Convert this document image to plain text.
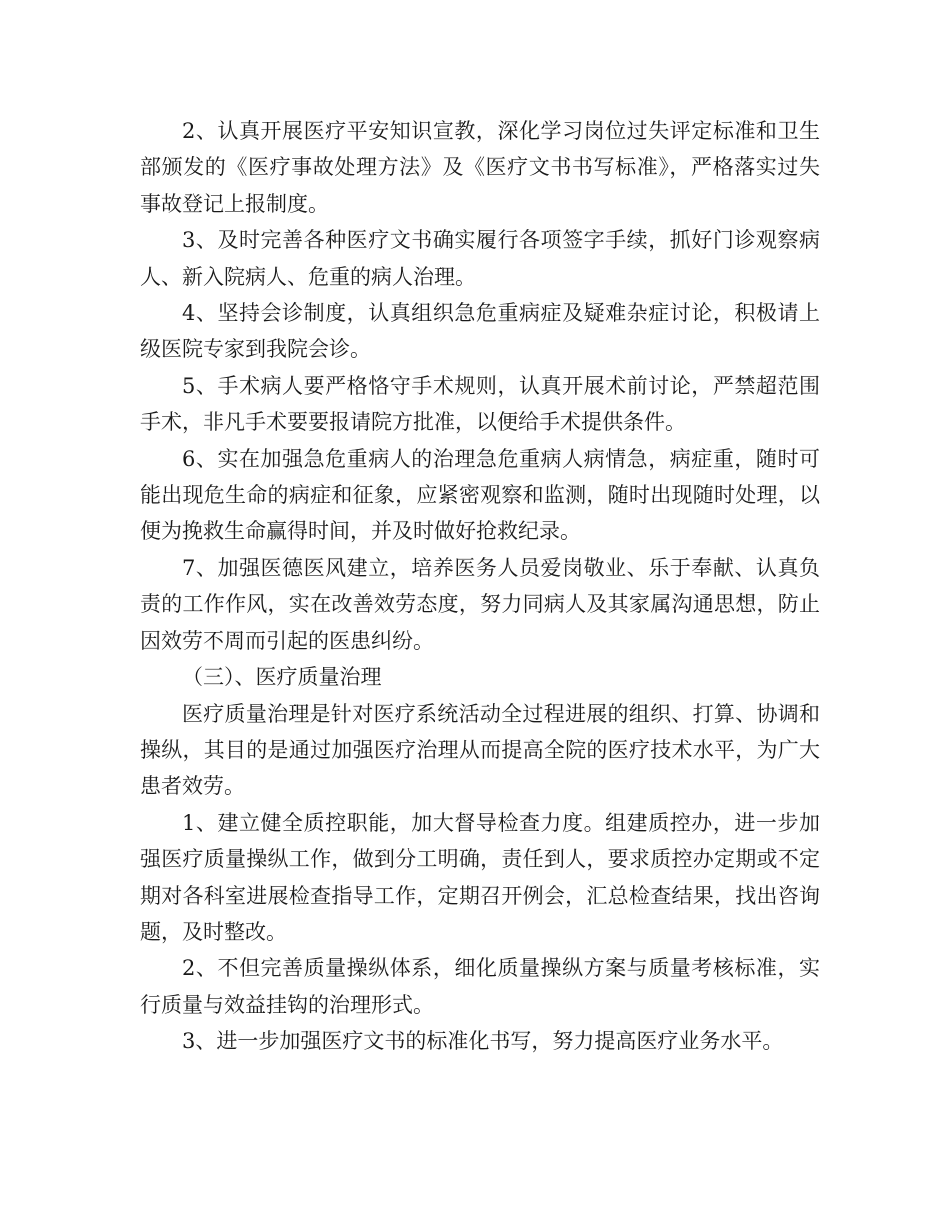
2、认真开展医疗平安知识宣教，深化学习岗位过失评定标准和卫生部颁发的《医疗事故处理方法》及《医疗文书书写标准》，严格落实过失事故登记上报制度。

3、及时完善各种医疗文书确实履行各项签字手续，抓好门诊观察病人、新入院病人、危重的病人治理。

4、坚持会诊制度，认真组织急危重病症及疑难杂症讨论，积极请上级医院专家到我院会诊。

5、手术病人要严格恪守手术规则，认真开展术前讨论，严禁超范围手术，非凡手术要要报请院方批准，以便给手术提供条件。

6、实在加强急危重病人的治理急危重病人病情急，病症重，随时可能出现危生命的病症和征象，应紧密观察和监测，随时出现随时处理，以便为挽救生命赢得时间，并及时做好抢救纪录。

7、加强医德医风建立，培养医务人员爱岗敬业、乐于奉献、认真负责的工作作风，实在改善效劳态度，努力同病人及其家属沟通思想，防止因效劳不周而引起的医患纠纷。

（三）、医疗质量治理

医疗质量治理是针对医疗系统活动全过程进展的组织、打算、协调和操纵，其目的是通过加强医疗治理从而提高全院的医疗技术水平，为广大患者效劳。

1、建立健全质控职能，加大督导检查力度。组建质控办，进一步加强医疗质量操纵工作，做到分工明确，责任到人，要求质控办定期或不定期对各科室进展检查指导工作，定期召开例会，汇总检查结果，找出咨询题，及时整改。

2、不但完善质量操纵体系，细化质量操纵方案与质量考核标准，实行质量与效益挂钩的治理形式。

3、进一步加强医疗文书的标准化书写，努力提高医疗业务水平。
